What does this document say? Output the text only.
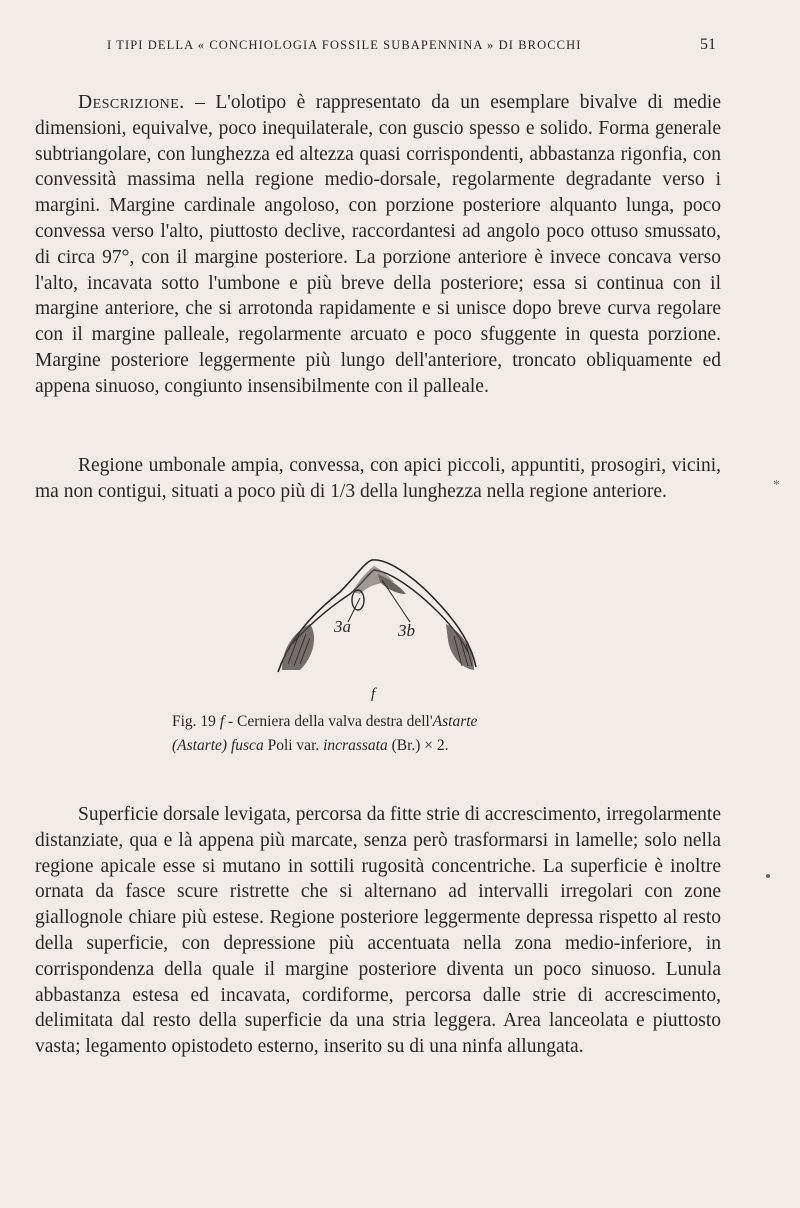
I TIPI DELLA « CONCHIOLOGIA FOSSILE SUBAPENNINA » DI BROCCHI	51

Descrizione. – L'olotipo è rappresentato da un esemplare bivalve di medie dimensioni, equivalve, poco inequilaterale, con guscio spesso e solido. Forma generale subtriangolare, con lunghezza ed altezza quasi corrispondenti, abbastanza rigonfia, con convessità massima nella regione medio-dorsale, regolarmente degradante verso i margini. Margine cardinale angoloso, con porzione posteriore alquanto lunga, poco convessa verso l'alto, piuttosto declive, raccordantesi ad angolo poco ottuso smussato, di circa 97°, con il margine posteriore. La porzione anteriore è invece concava verso l'alto, incavata sotto l'umbone e più breve della posteriore; essa si continua con il margine anteriore, che si arrotonda rapidamente e si unisce dopo breve curva regolare con il margine palleale, regolarmente arcuato e poco sfuggente in questa porzione. Margine posteriore leggermente più lungo dell'anteriore, troncato obliquamente ed appena sinuoso, congiunto insensibilmente con il palleale.

Regione umbonale ampia, convessa, con apici piccoli, appuntiti, prosogiri, vicini, ma non contigui, situati a poco più di 1/3 della lunghezza nella regione anteriore.

3a	3b
f

Fig. 19 f - Cerniera della valva destra dell'Astarte
(Astarte) fusca Poli var. incrassata (Br.) × 2.

Superficie dorsale levigata, percorsa da fitte strie di accrescimento, irregolarmente distanziate, qua e là appena più marcate, senza però trasformarsi in lamelle; solo nella regione apicale esse si mutano in sottili rugosità concentriche. La superficie è inoltre ornata da fasce scure ristrette che si alternano ad intervalli irregolari con zone giallognole chiare più estese. Regione posteriore leggermente depressa rispetto al resto della superficie, con depressione più accentuata nella zona medio-inferiore, in corrispondenza della quale il margine posteriore diventa un poco sinuoso. Lunula abbastanza estesa ed incavata, cordiforme, percorsa dalle strie di accrescimento, delimitata dal resto della superficie da una stria leggera. Area lanceolata e piuttosto vasta; legamento opistodeto esterno, inserito su di una ninfa allungata.

*
